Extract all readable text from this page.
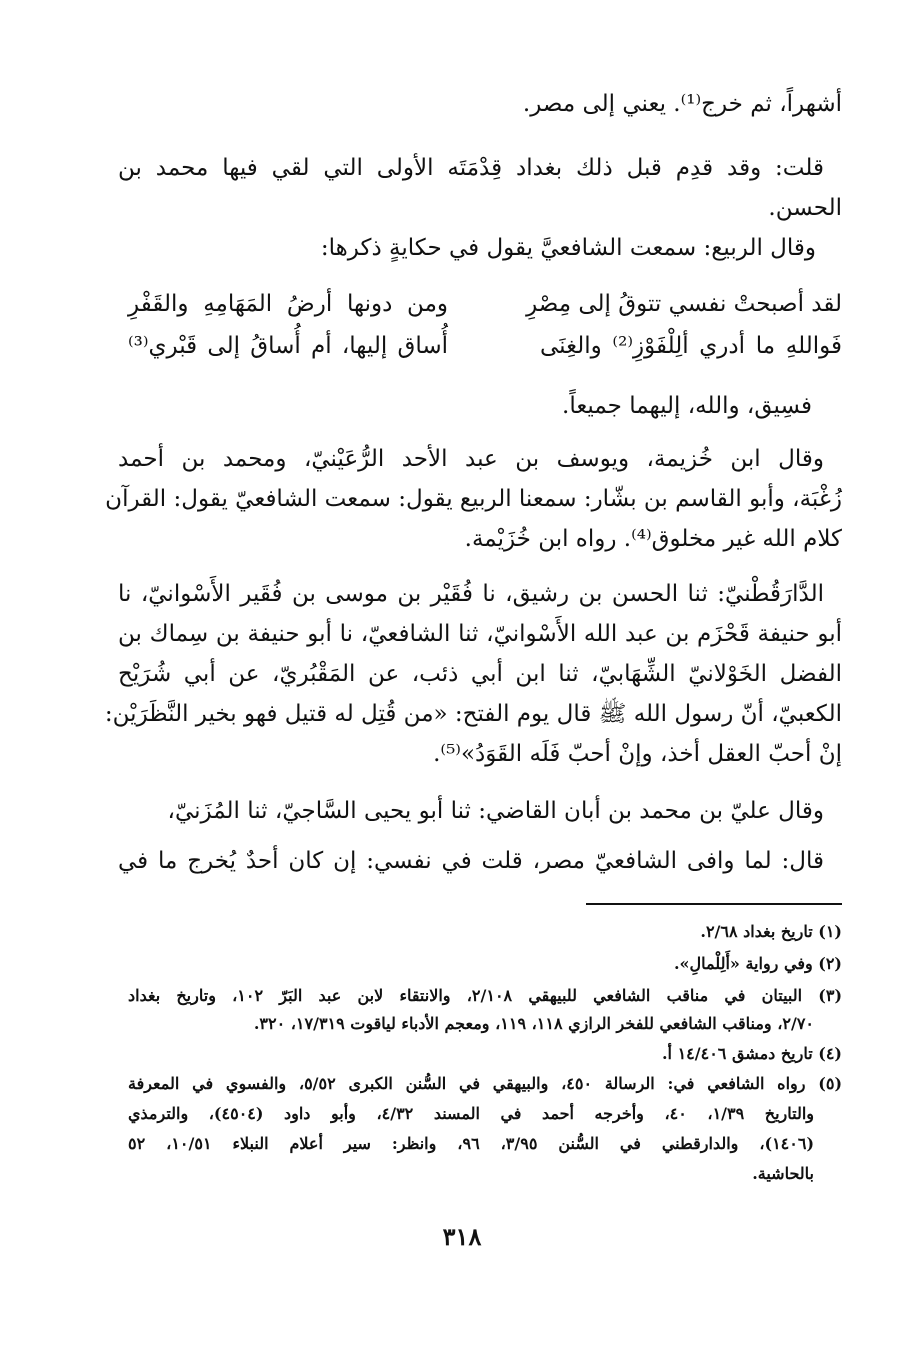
أشهراً، ثم خرج⁽¹⁾. يعني إلى مصر.
قلت: وقد قدِم قبل ذلك بغداد قِدْمَتَه الأولى التي لقي فيها محمد بن
الحسن.
وقال الربيع: سمعت الشافعيَّ يقول في حكايةٍ ذكرها:
لقد أصبحتْ نفسي تتوقُ إلى مِصْرِ
ومن دونها أرضُ المَهَامِهِ والقَفْرِ
فَواللهِ ما أدري ألِلْفَوْزِ⁽²⁾ والغِنَى
أُساق إليها، أم أُساقُ إلى قَبْري⁽³⁾
فسِيق، والله، إليهما جميعاً.
وقال ابن خُزيمة، ويوسف بن عبد الأحد الرُّعَيْنيّ، ومحمد بن أحمد
زُغْبَة، وأبو القاسم بن بشّار: سمعنا الربيع يقول: سمعت الشافعيّ يقول: القرآن
كلام الله غير مخلوق⁽⁴⁾. رواه ابن خُزَيْمة.
الدَّارَقُطْنيّ: ثنا الحسن بن رشيق، نا فُقَيْر بن موسى بن فُقَير الأَسْوانيّ، نا
أبو حنيفة قَحْزَم بن عبد الله الأَسْوانيّ، ثنا الشافعيّ، نا أبو حنيفة بن سِماك بن
الفضل الخَوْلانيّ الشِّهَابيّ، ثنا ابن أبي ذئب، عن المَقْبُريّ، عن أبي شُرَيْح
الكعبيّ، أنّ رسول الله ﷺ قال يوم الفتح: «من قُتِل له قتيل فهو بخير النَّظَرَيْن:
إنْ أحبّ العقل أخذ، وإنْ أحبّ فَلَه القَوَدُ»⁽⁵⁾.
وقال عليّ بن محمد بن أبان القاضي: ثنا أبو يحيى السَّاجيّ، ثنا المُزَنيّ،
قال: لما وافى الشافعيّ مصر، قلت في نفسي: إن كان أحدٌ يُخرج ما في
(١) تاريخ بغداد ٢/٦٨.
(٢) وفي رواية «أَلِلْمالِ».
(٣) البيتان في مناقب الشافعي للبيهقي ٢/١٠٨، والانتقاء لابن عبد البَرّ ١٠٢، وتاريخ بغداد
٢/٧٠، ومناقب الشافعي للفخر الرازي ١١٨، ١١٩، ومعجم الأدباء لياقوت ١٧/٣١٩، ٣٢٠.
(٤) تاريخ دمشق ١٤/٤٠٦ أ.
(٥) رواه الشافعي في: الرسالة ٤٥٠، والبيهقي في السُّنن الكبرى ٥/٥٢، والفسوي في المعرفة
والتاريخ ١/٣٩، ٤٠، وأخرجه أحمد في المسند ٤/٣٢، وأبو داود (٤٥٠٤)، والترمذي
(١٤٠٦)، والدارقطني في السُّنن ٣/٩٥، ٩٦، وانظر: سير أعلام النبلاء ١٠/٥١، ٥٢
بالحاشية.
٣١٨
